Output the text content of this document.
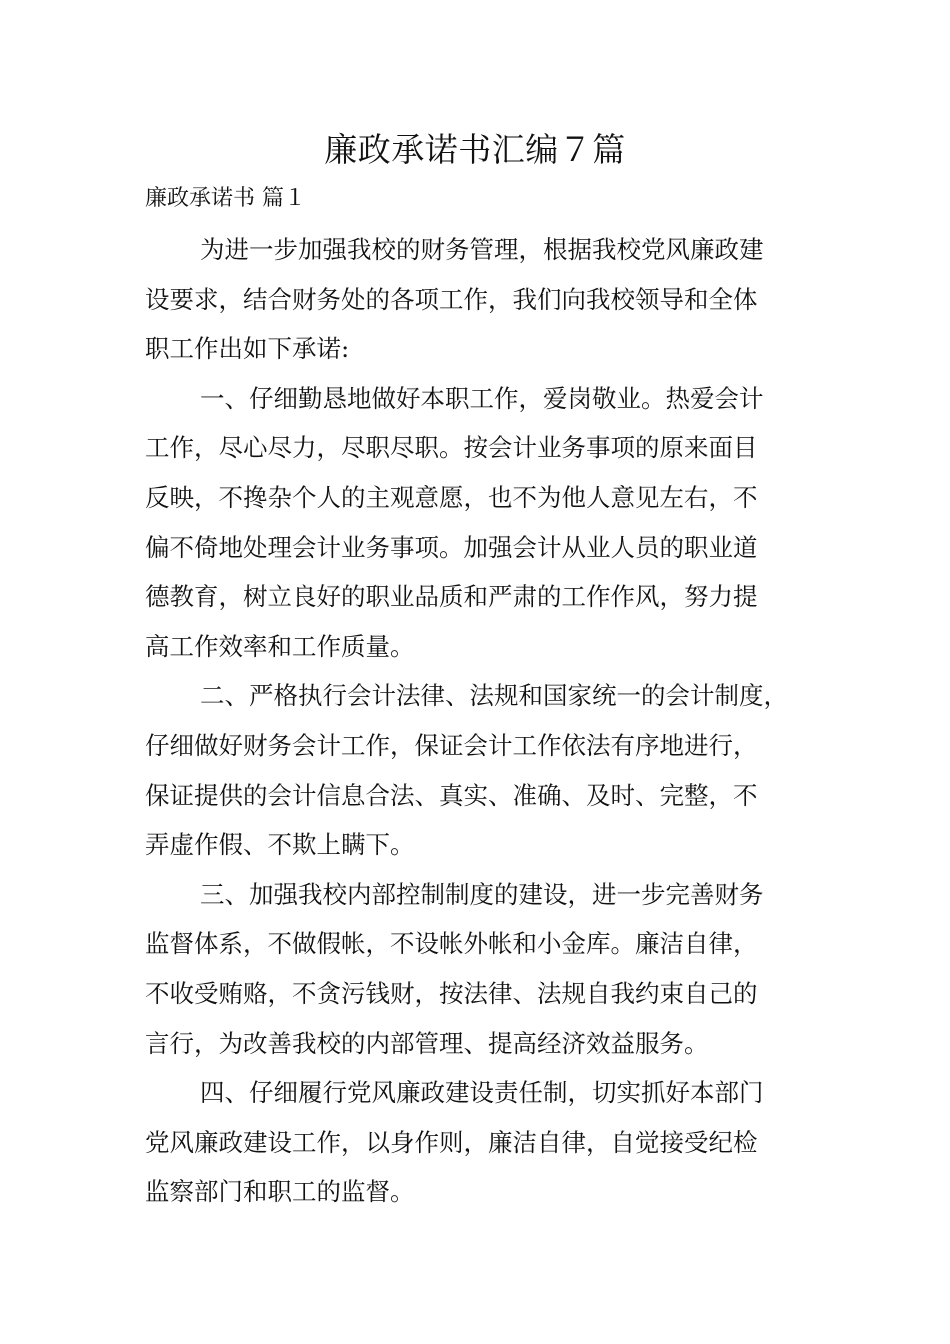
廉政承诺书汇编７篇
廉政承诺书 篇１
为进一步加强我校的财务管理，根据我校党风廉政建
设要求，结合财务处的各项工作，我们向我校领导和全体
职工作出如下承诺:
一、仔细勤恳地做好本职工作，爱岗敬业。热爱会计
工作，尽心尽力，尽职尽职。按会计业务事项的原来面目
反映，不搀杂个人的主观意愿，也不为他人意见左右，不
偏不倚地处理会计业务事项。加强会计从业人员的职业道
德教育，树立良好的职业品质和严肃的工作作风，努力提
高工作效率和工作质量。
二、严格执行会计法律、法规和国家统一的会计制度，
仔细做好财务会计工作，保证会计工作依法有序地进行，
保证提供的会计信息合法、真实、准确、及时、完整，不
弄虚作假、不欺上瞒下。
三、加强我校内部控制制度的建设，进一步完善财务
监督体系，不做假帐，不设帐外帐和小金库。廉洁自律，
不收受贿赂，不贪污钱财，按法律、法规自我约束自己的
言行，为改善我校的内部管理、提高经济效益服务。
四、仔细履行党风廉政建设责任制，切实抓好本部门
党风廉政建设工作，以身作则，廉洁自律，自觉接受纪检
监察部门和职工的监督。
